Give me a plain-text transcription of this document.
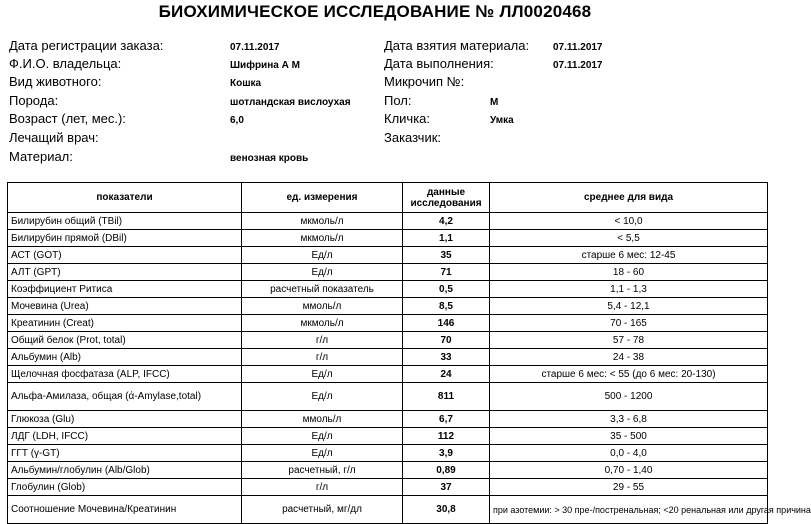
БИОХИМИЧЕСКОЕ ИССЛЕДОВАНИЕ № ЛЛ0020468
Дата регистрации заказа:	07.11.2017
Ф.И.О. владельца:	Шифрина А М
Вид животного:	Кошка
Порода:	шотландская вислоухая
Возраст (лет, мес.):	6,0
Лечащий врач:
Материал:	венозная кровь
Дата взятия материала: 07.11.2017
Дата выполнения:	07.11.2017
Микрочип №:
Пол:	М
Кличка:	Умка
Заказчик:
показатели	ед. измерения	данные исследования	среднее для вида
Билирубин общий (TBil)	мкмоль/л	4,2	< 10,0
Билирубин прямой (DBil)	мкмоль/л	1,1	< 5,5
АСТ (GOT)	Ед/л	35	старше 6 мес: 12-45
АЛТ (GPT)	Ед/л	71	18 - 60
Коэффициент Ритиса	расчетный показатель	0,5	1,1 - 1,3
Мочевина (Urea)	ммоль/л	8,5	5,4 - 12,1
Креатинин (Creat)	мкмоль/л	146	70 - 165
Общий белок (Prot, total)	г/л	70	57 - 78
Альбумин (Alb)	г/л	33	24 - 38
Щелочная фосфатаза (ALP, IFCC)	Ед/л	24	старше 6 мес: < 55 (до 6 мес: 20-130)
Альфа-Амилаза, общая (ά-Amylase,total)	Ед/л	811	500 - 1200
Глюкоза (Glu)	ммоль/л	6,7	3,3 - 6,8
ЛДГ (LDH, IFCC)	Ед/л	112	35 - 500
ГГТ (γ-GT)	Ед/л	3,9	0,0 - 4,0
Альбумин/глобулин (Alb/Glob)	расчетный, г/л	0,89	0,70 - 1,40
Глобулин (Glob)	г/л	37	29 - 55
Соотношение Мочевина/Креатинин	расчетный, мг/дл	30,8	при азотемии: > 30 пре-/постренальная; <20 ренальная или другая причина
